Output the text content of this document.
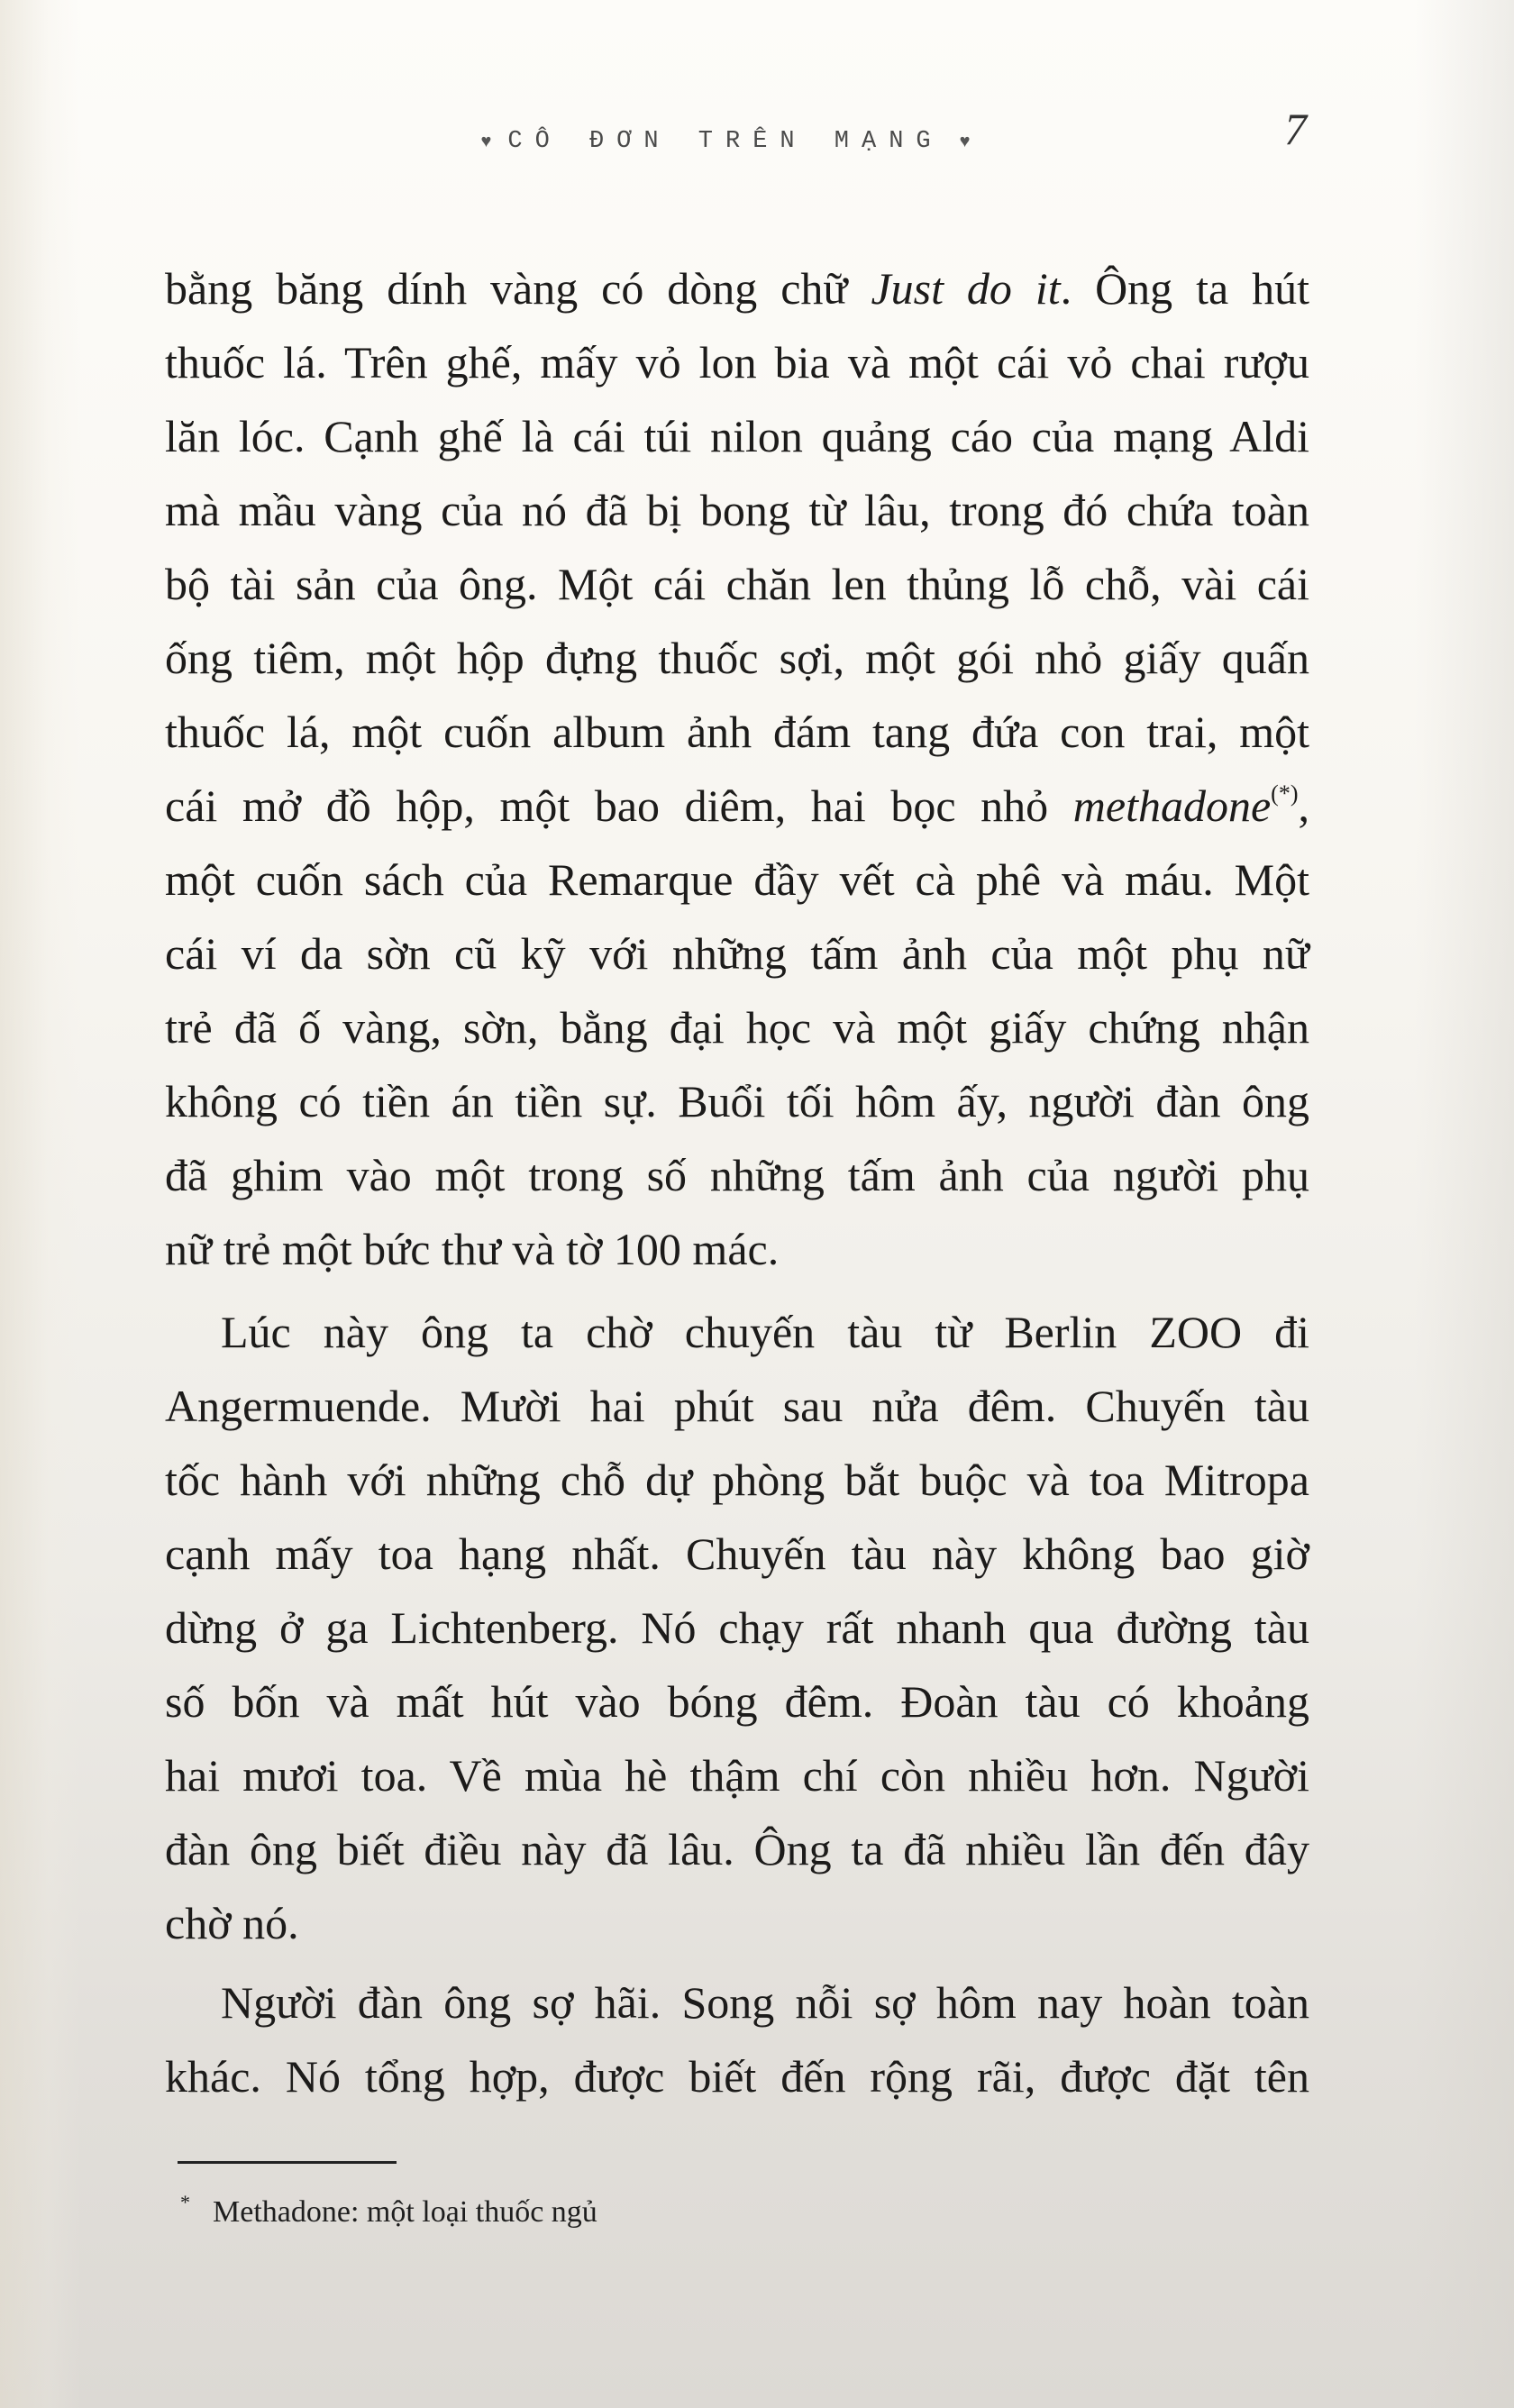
♥ CÔ ĐƠN TRÊN MẠNG ♥	7
bằng băng dính vàng có dòng chữ Just do it. Ông ta hút
thuốc lá. Trên ghế, mấy vỏ lon bia và một cái vỏ chai rượu
lăn lóc. Cạnh ghế là cái túi nilon quảng cáo của mạng Aldi
mà mầu vàng của nó đã bị bong từ lâu, trong đó chứa toàn
bộ tài sản của ông. Một cái chăn len thủng lỗ chỗ, vài cái
ống tiêm, một hộp đựng thuốc sợi, một gói nhỏ giấy quấn
thuốc lá, một cuốn album ảnh đám tang đứa con trai, một
cái mở đồ hộp, một bao diêm, hai bọc nhỏ methadone(*),
một cuốn sách của Remarque đầy vết cà phê và máu. Một
cái ví da sờn cũ kỹ với những tấm ảnh của một phụ nữ
trẻ đã ố vàng, sờn, bằng đại học và một giấy chứng nhận
không có tiền án tiền sự. Buổi tối hôm ấy, người đàn ông
đã ghim vào một trong số những tấm ảnh của người phụ
nữ trẻ một bức thư và tờ 100 mác.
Lúc này ông ta chờ chuyến tàu từ Berlin ZOO đi
Angermuende. Mười hai phút sau nửa đêm. Chuyến tàu
tốc hành với những chỗ dự phòng bắt buộc và toa Mitropa
cạnh mấy toa hạng nhất. Chuyến tàu này không bao giờ
dừng ở ga Lichtenberg. Nó chạy rất nhanh qua đường tàu
số bốn và mất hút vào bóng đêm. Đoàn tàu có khoảng
hai mươi toa. Về mùa hè thậm chí còn nhiều hơn. Người
đàn ông biết điều này đã lâu. Ông ta đã nhiều lần đến đây
chờ nó.
Người đàn ông sợ hãi. Song nỗi sợ hôm nay hoàn toàn
khác. Nó tổng hợp, được biết đến rộng rãi, được đặt tên
* Methadone: một loại thuốc ngủ
